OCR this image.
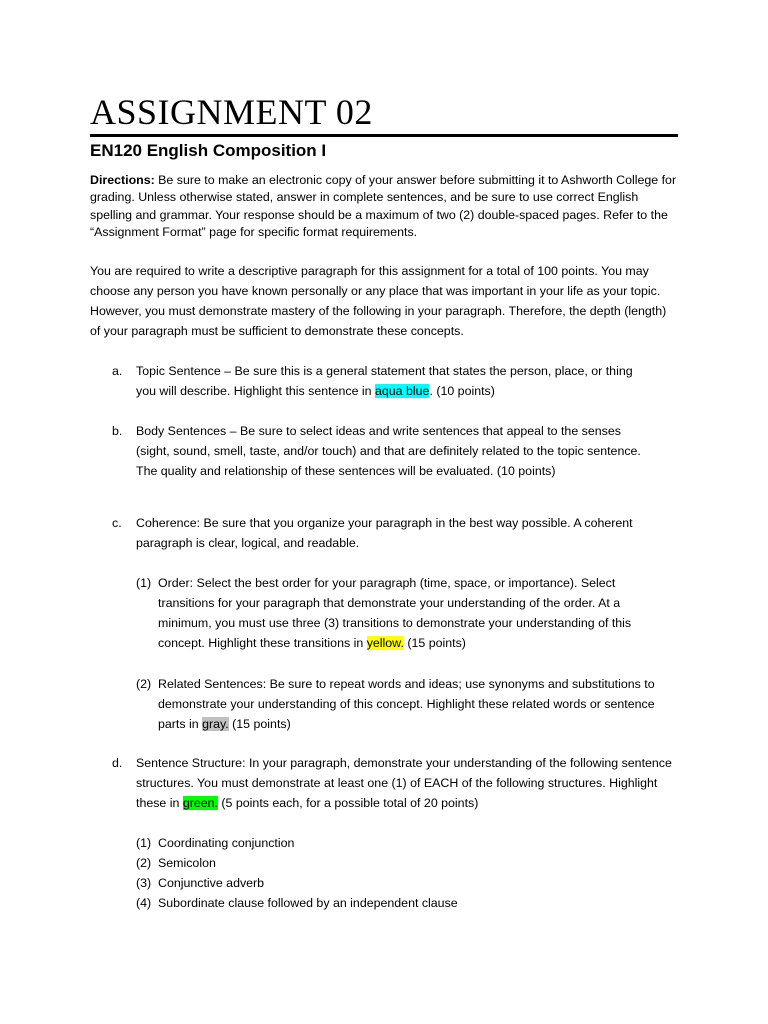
ASSIGNMENT 02
EN120 English Composition I

Directions: Be sure to make an electronic copy of your answer before submitting it to Ashworth College for grading. Unless otherwise stated, answer in complete sentences, and be sure to use correct English spelling and grammar. Your response should be a maximum of two (2) double-spaced pages. Refer to the “Assignment Format” page for specific format requirements.

You are required to write a descriptive paragraph for this assignment for a total of 100 points. You may choose any person you have known personally or any place that was important in your life as your topic. However, you must demonstrate mastery of the following in your paragraph. Therefore, the depth (length) of your paragraph must be sufficient to demonstrate these concepts.

a. Topic Sentence – Be sure this is a general statement that states the person, place, or thing you will describe. Highlight this sentence in aqua blue. (10 points)

b. Body Sentences – Be sure to select ideas and write sentences that appeal to the senses (sight, sound, smell, taste, and/or touch) and that are definitely related to the topic sentence. The quality and relationship of these sentences will be evaluated. (10 points)

c. Coherence: Be sure that you organize your paragraph in the best way possible. A coherent paragraph is clear, logical, and readable.

(1) Order: Select the best order for your paragraph (time, space, or importance). Select transitions for your paragraph that demonstrate your understanding of the order. At a minimum, you must use three (3) transitions to demonstrate your understanding of this concept. Highlight these transitions in yellow. (15 points)

(2) Related Sentences: Be sure to repeat words and ideas; use synonyms and substitutions to demonstrate your understanding of this concept. Highlight these related words or sentence parts in gray. (15 points)

d. Sentence Structure: In your paragraph, demonstrate your understanding of the following sentence structures. You must demonstrate at least one (1) of EACH of the following structures. Highlight these in green. (5 points each, for a possible total of 20 points)

(1) Coordinating conjunction
(2) Semicolon
(3) Conjunctive adverb
(4) Subordinate clause followed by an independent clause
